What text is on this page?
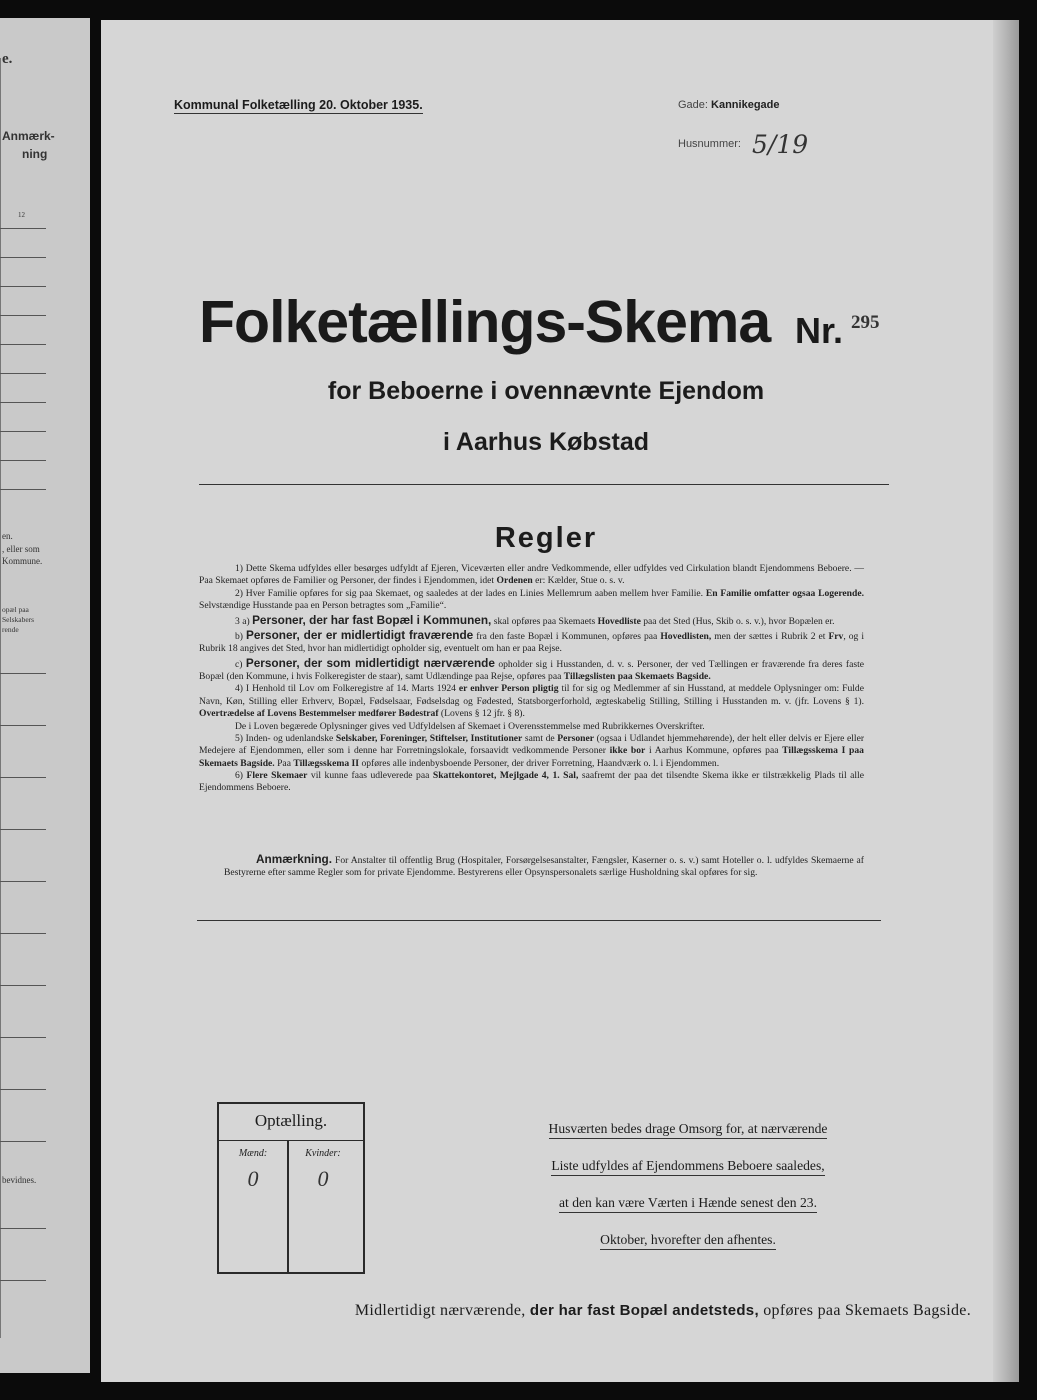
e.
Anmærk-
ning
12
en.
, eller som
Kommune.
opæl paa
Selskabers
rende
bevidnes.
Kommunal Folketælling 20. Oktober 1935.	Gade: Kannikegade
Husnummer: 5/19
Folketællings-Skema Nr. 295
for Beboerne i ovennævnte Ejendom
i Aarhus Købstad
Regler

1) Dette Skema udfyldes eller besørges udfyldt af Ejeren, Viceværten eller andre Vedkommende, eller udfyldes ved Cirkulation blandt Ejendommens Beboere. — Paa Skemaet opføres de Familier og Personer, der findes i Ejendommen, idet Ordenen er: Kælder, Stue o. s. v.

2) Hver Familie opføres for sig paa Skemaet, og saaledes at der lades en Linies Mellemrum aaben mellem hver Familie. En Familie omfatter ogsaa Logerende. Selvstændige Husstande paa en Person betragtes som „Familie“.

3 a) Personer, der har fast Bopæl i Kommunen, skal opføres paa Skemaets Hovedliste paa det Sted (Hus, Skib o. s. v.), hvor Bopælen er.

b) Personer, der er midlertidigt fraværende fra den faste Bopæl i Kommunen, opføres paa Hovedlisten, men der sættes i Rubrik 2 et Frv, og i Rubrik 18 angives det Sted, hvor han midlertidigt opholder sig, eventuelt om han er paa Rejse.

c) Personer, der som midlertidigt nærværende opholder sig i Husstanden, d. v. s. Personer, der ved Tællingen er fraværende fra deres faste Bopæl (den Kommune, i hvis Folkeregister de staar), samt Udlændinge paa Rejse, opføres paa Tillægslisten paa Skemaets Bagside.

4) I Henhold til Lov om Folkeregistre af 14. Marts 1924 er enhver Person pligtig til for sig og Medlemmer af sin Husstand, at meddele Oplysninger om: Fulde Navn, Køn, Stilling eller Erhverv, Bopæl, Fødselsaar, Fødselsdag og Fødested, Statsborgerforhold, ægteskabelig Stilling, Stilling i Husstanden m. v. (jfr. Lovens § 1). Overtrædelse af Lovens Bestemmelser medfører Bødestraf (Lovens § 12 jfr. § 8).

De i Loven begærede Oplysninger gives ved Udfyldelsen af Skemaet i Overensstemmelse med Rubrikkernes Overskrifter.

5) Inden- og udenlandske Selskaber, Foreninger, Stiftelser, Institutioner samt de Personer (ogsaa i Udlandet hjemmehørende), der helt eller delvis er Ejere eller Medejere af Ejendommen, eller som i denne har Forretningslokale, forsaavidt vedkommende Personer ikke bor i Aarhus Kommune, opføres paa Tillægsskema I paa Skemaets Bagside. Paa Tillægsskema II opføres alle indenbysboende Personer, der driver Forretning, Haandværk o. l. i Ejendommen.

6) Flere Skemaer vil kunne faas udleverede paa Skattekontoret, Mejlgade 4, 1. Sal, saafremt der paa det tilsendte Skema ikke er tilstrækkelig Plads til alle Ejendommens Beboere.

Anmærkning. For Anstalter til offentlig Brug (Hospitaler, Forsørgelsesanstalter, Fængsler, Kaserner o. s. v.) samt Hoteller o. l. udfyldes Skemaerne af Bestyrerne efter samme Regler som for private Ejendomme. Bestyrerens eller Opsynspersonalets særlige Husholdning skal opføres for sig.

Optælling.
Mænd:	Kvinder:
0	0
Husværten bedes drage Omsorg for, at nærværende
Liste udfyldes af Ejendommens Beboere saaledes,
at den kan være Værten i Hænde senest den 23.
Oktober, hvorefter den afhentes.
Midlertidigt nærværende, der har fast Bopæl andetsteds, opføres paa Skemaets Bagside.
